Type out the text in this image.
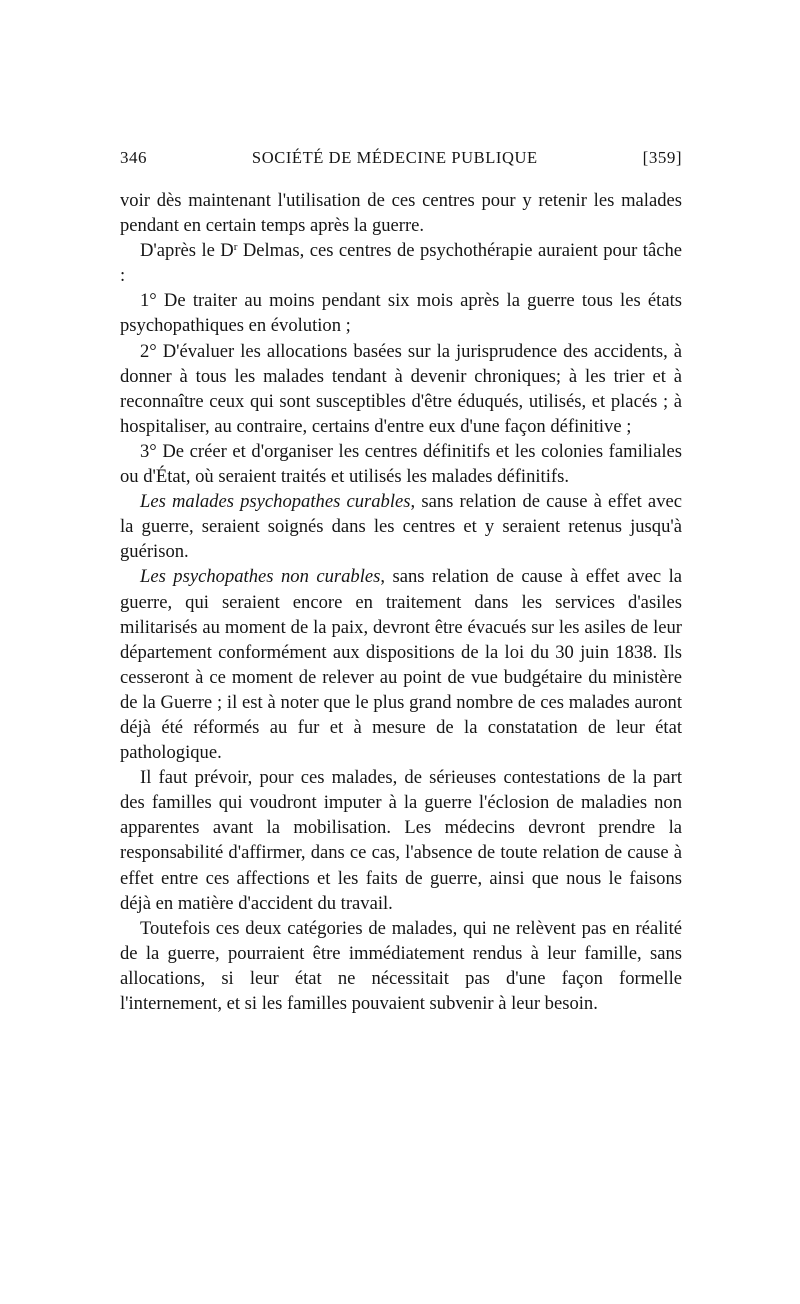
346	SOCIÉTÉ DE MÉDECINE PUBLIQUE	[359]

voir dès maintenant l'utilisation de ces centres pour y retenir les malades pendant en certain temps après la guerre.

D'après le $D^r$ Delmas, ces centres de psychothérapie auraient pour tâche :

1° De traiter au moins pendant six mois après la guerre tous les états psychopathiques en évolution ;

2° D'évaluer les allocations basées sur la jurisprudence des accidents, à donner à tous les malades tendant à devenir chroniques; à les trier et à reconnaître ceux qui sont susceptibles d'être éduqués, utilisés, et placés ; à hospitaliser, au contraire, certains d'entre eux d'une façon définitive ;

3° De créer et d'organiser les centres définitifs et les colonies familiales ou d'État, où seraient traités et utilisés les malades définitifs.

Les malades psychopathes curables, sans relation de cause à effet avec la guerre, seraient soignés dans les centres et y seraient retenus jusqu'à guérison.

Les psychopathes non curables, sans relation de cause à effet avec la guerre, qui seraient encore en traitement dans les services d'asiles militarisés au moment de la paix, devront être évacués sur les asiles de leur département conformément aux dispositions de la loi du 30 juin 1838. Ils cesseront à ce moment de relever au point de vue budgétaire du ministère de la Guerre ; il est à noter que le plus grand nombre de ces malades auront déjà été réformés au fur et à mesure de la constatation de leur état pathologique.

Il faut prévoir, pour ces malades, de sérieuses contestations de la part des familles qui voudront imputer à la guerre l'éclosion de maladies non apparentes avant la mobilisation. Les médecins devront prendre la responsabilité d'affirmer, dans ce cas, l'absence de toute relation de cause à effet entre ces affections et les faits de guerre, ainsi que nous le faisons déjà en matière d'accident du travail.

Toutefois ces deux catégories de malades, qui ne relèvent pas en réalité de la guerre, pourraient être immédiatement rendus à leur famille, sans allocations, si leur état ne nécessitait pas d'une façon formelle l'internement, et si les familles pouvaient subvenir à leur besoin.
